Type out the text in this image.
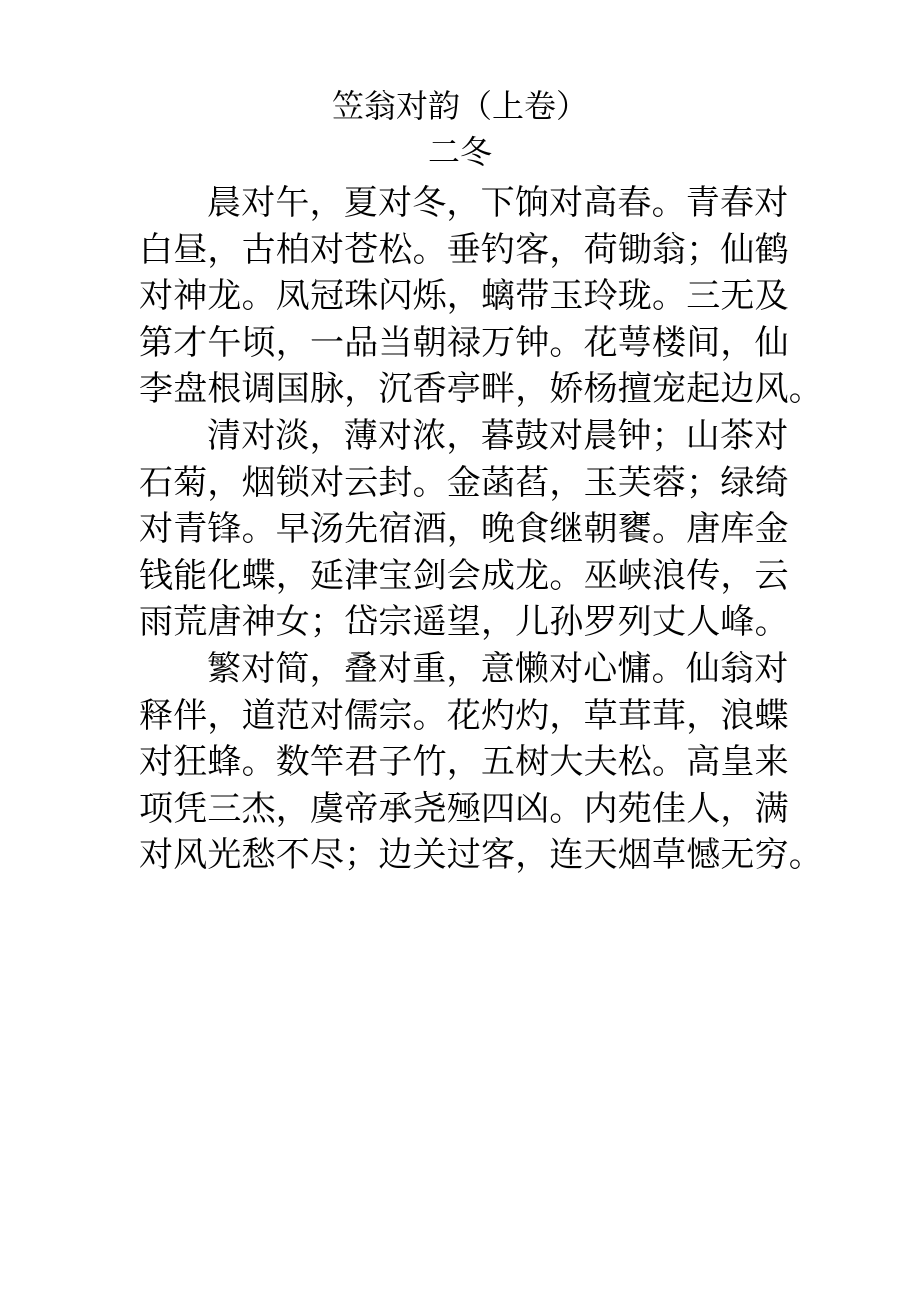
笠翁对韵（上卷）
二冬
晨对午，夏对冬，下饷对高春。青春对
白昼，古柏对苍松。垂钓客，荷锄翁；仙鹤
对神龙。凤冠珠闪烁，螭带玉玲珑。三无及
第才午顷，一品当朝禄万钟。花萼楼间，仙
李盘根调国脉，沉香亭畔，娇杨擅宠起边风。
清对淡，薄对浓，暮鼓对晨钟；山茶对
石菊，烟锁对云封。金菡萏，玉芙蓉；绿绮
对青锋。早汤先宿酒，晚食继朝饔。唐库金
钱能化蝶，延津宝剑会成龙。巫峡浪传，云
雨荒唐神女；岱宗遥望，儿孙罗列丈人峰。
繁对简，叠对重，意懒对心慵。仙翁对
释伴，道范对儒宗。花灼灼，草茸茸，浪蝶
对狂蜂。数竿君子竹，五树大夫松。高皇来
项凭三杰，虞帝承尧殛四凶。内苑佳人，满
对风光愁不尽；边关过客，连天烟草憾无穷。
